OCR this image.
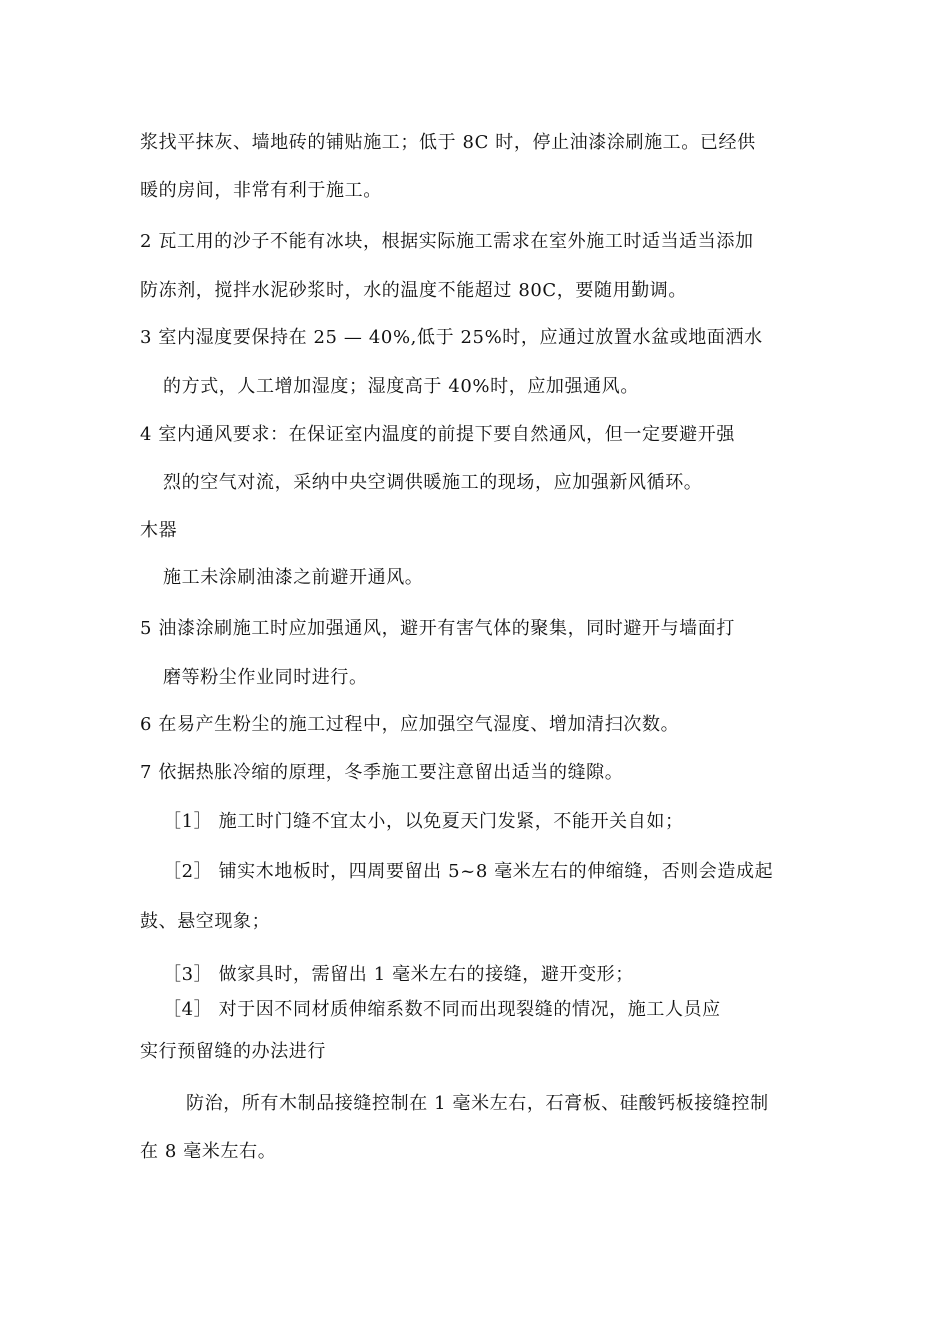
浆找平抹灰、墙地砖的铺贴施工；低于 8C 时，停止油漆涂刷施工。已经供
暖的房间，非常有利于施工。
2 瓦工用的沙子不能有冰块，根据实际施工需求在室外施工时适当适当添加
防冻剂，搅拌水泥砂浆时，水的温度不能超过 80C，要随用勤调。
3 室内湿度要保持在 25 — 40%,低于 25%时，应通过放置水盆或地面洒水
的方式，人工增加湿度；湿度高于 40%时，应加强通风。
4 室内通风要求：在保证室内温度的前提下要自然通风，但一定要避开强
烈的空气对流，采纳中央空调供暖施工的现场，应加强新风循环。
木器
施工未涂刷油漆之前避开通风。
5 油漆涂刷施工时应加强通风，避开有害气体的聚集，同时避开与墙面打
磨等粉尘作业同时进行。
6 在易产生粉尘的施工过程中，应加强空气湿度、增加清扫次数。
7 依据热胀冷缩的原理，冬季施工要注意留出适当的缝隙。
［1］ 施工时门缝不宜太小，以免夏天门发紧，不能开关自如；
［2］ 铺实木地板时，四周要留出 5~8 毫米左右的伸缩缝，否则会造成起
鼓、悬空现象；
［3］ 做家具时，需留出 1 毫米左右的接缝，避开变形；
［4］ 对于因不同材质伸缩系数不同而出现裂缝的情况，施工人员应
实行预留缝的办法进行
防治，所有木制品接缝控制在 1 毫米左右，石膏板、硅酸钙板接缝控制
在 8 毫米左右。
